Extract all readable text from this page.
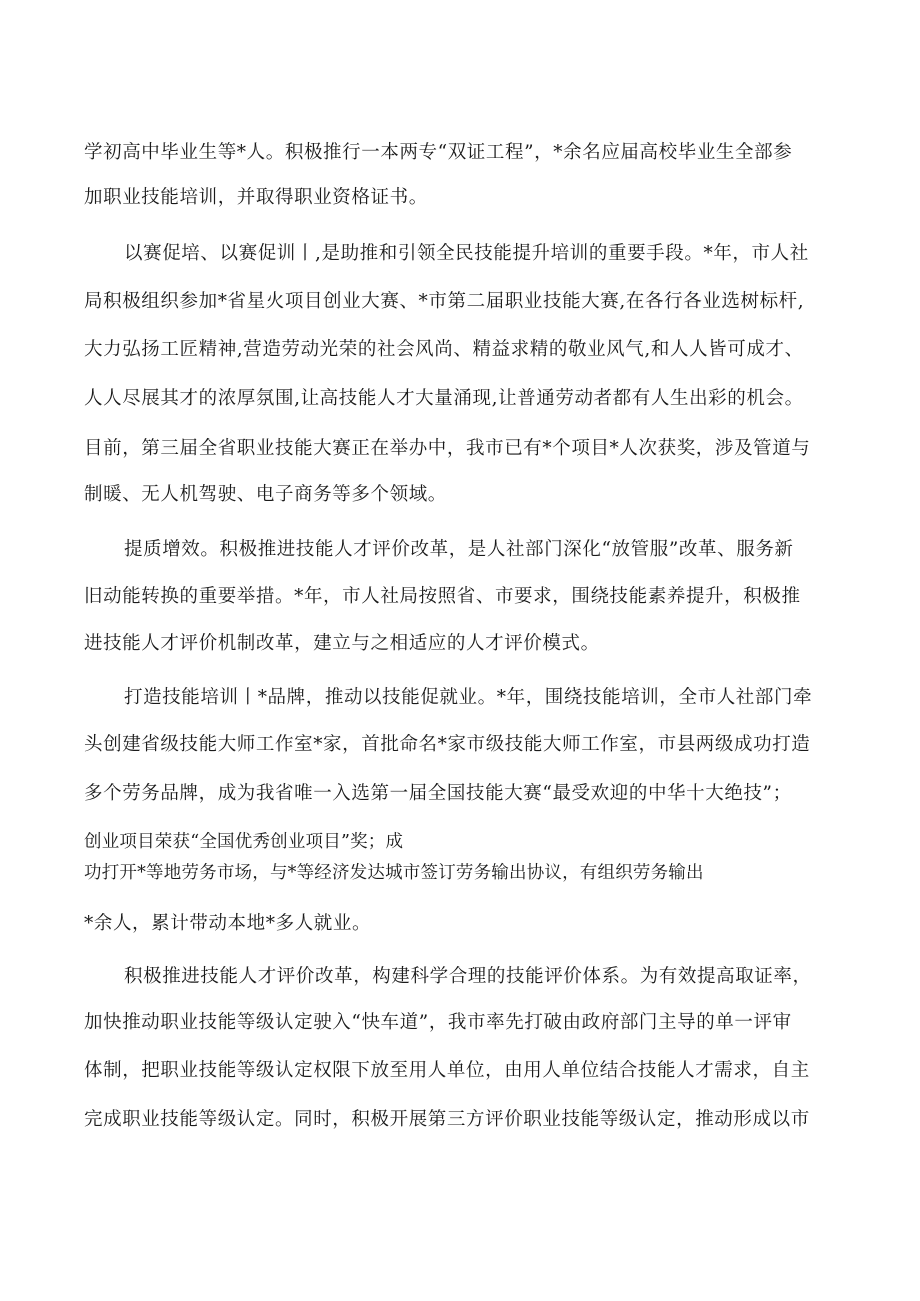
学初高中毕业生等*人。积极推行一本两专“双证工程”，*余名应届高校毕业生全部参
加职业技能培训，并取得职业资格证书。
以赛促培、以赛促训丨,是助推和引领全民技能提升培训的重要手段。*年，市人社
局积极组织参加*省星火项目创业大赛、*市第二届职业技能大赛,在各行各业选树标杆,
大力弘扬工匠精神,营造劳动光荣的社会风尚、精益求精的敬业风气,和人人皆可成才、
人人尽展其才的浓厚氛围,让高技能人才大量涌现,让普通劳动者都有人生出彩的机会。
目前，第三届全省职业技能大赛正在举办中，我市已有*个项目*人次获奖，涉及管道与
制暖、无人机驾驶、电子商务等多个领域。
提质增效。积极推进技能人才评价改革，是人社部门深化“放管服”改革、服务新
旧动能转换的重要举措。*年，市人社局按照省、市要求，围绕技能素养提升，积极推
进技能人才评价机制改革，建立与之相适应的人才评价模式。
打造技能培训丨*品牌，推动以技能促就业。*年，围绕技能培训，全市人社部门牵
头创建省级技能大师工作室*家，首批命名*家市级技能大师工作室，市县两级成功打造
多个劳务品牌，成为我省唯一入选第一届全国技能大赛“最受欢迎的中华十大绝技”；
创业项目荣获“全国优秀创业项目”奖；成
功打开*等地劳务市场，与*等经济发达城市签订劳务输出协议，有组织劳务输出
*余人，累计带动本地*多人就业。
积极推进技能人才评价改革，构建科学合理的技能评价体系。为有效提高取证率，
加快推动职业技能等级认定驶入“快车道”，我市率先打破由政府部门主导的单一评审
体制，把职业技能等级认定权限下放至用人单位，由用人单位结合技能人才需求，自主
完成职业技能等级认定。同时，积极开展第三方评价职业技能等级认定，推动形成以市
